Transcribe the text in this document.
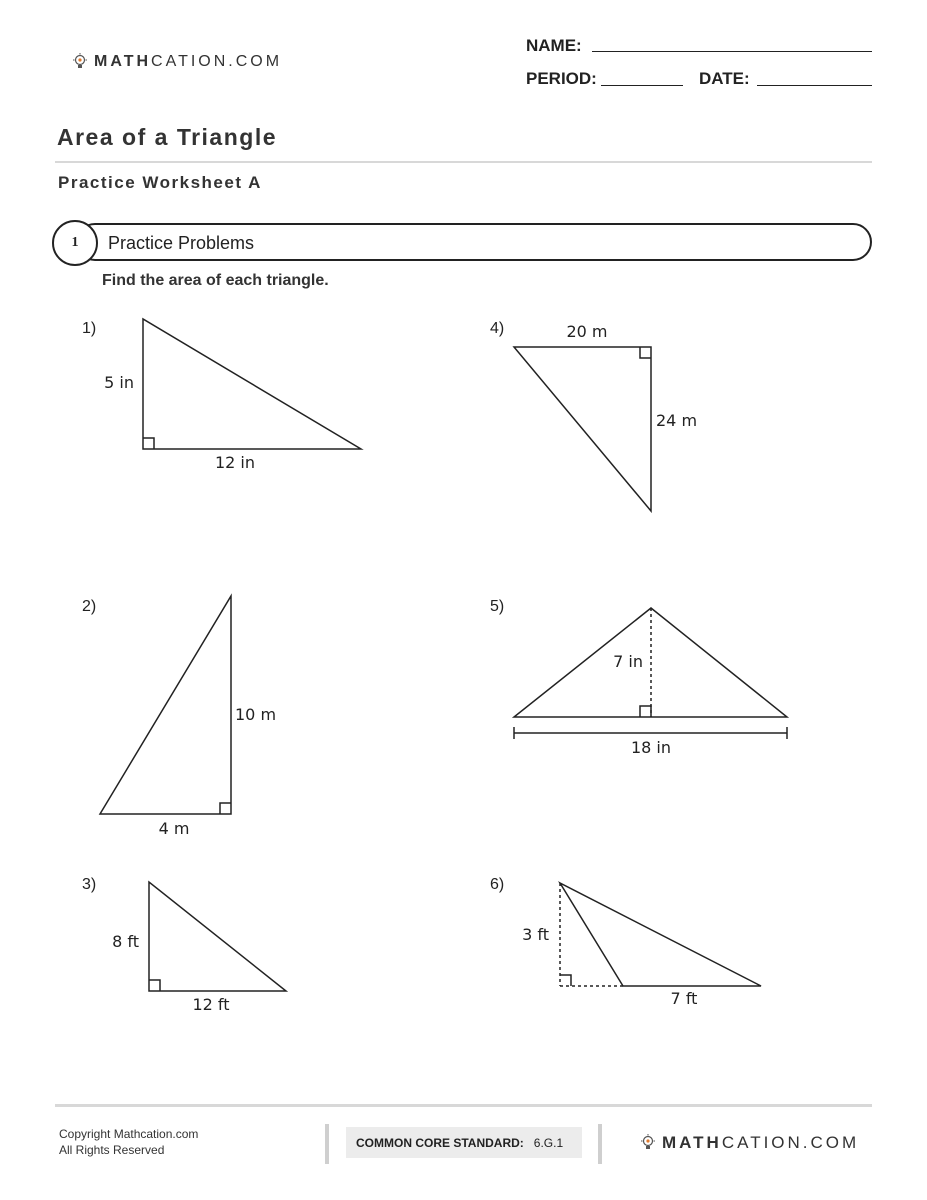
MATH CATION.COM
NAME:
PERIOD:	DATE:
Area of a Triangle
Practice Worksheet A
1 Practice Problems
Find the area of each triangle.
1)
2)
3)
4)
5)
6)
5 in
12 in
10 m
4 m
8 ft
12 ft
20 m
24 m
7 in
18 in
3 ft
7 ft
Copyright Mathcation.com
All Rights Reserved
COMMON CORE STANDARD: 6.G.1	MATH CATION.COM
